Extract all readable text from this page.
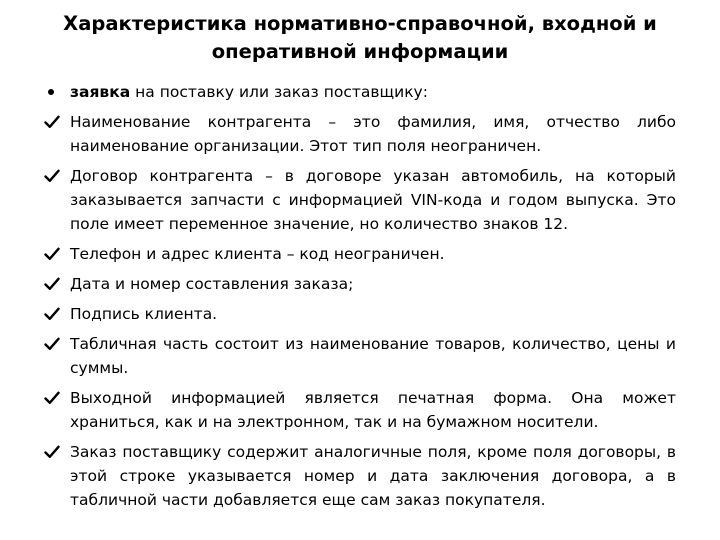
Характеристика нормативно-справочной, входной и оперативной информации
заявка на поставку или заказ поставщику:
Наименование контрагента – это фамилия, имя, отчество либо наименование организации. Этот тип поля неограничен.
Договор контрагента – в договоре указан автомобиль, на который заказывается запчасти с информацией VIN-кода и годом выпуска. Это поле имеет переменное значение, но количество знаков 12.
Телефон и адрес клиента – код неограничен.
Дата и номер составления заказа;
Подпись клиента.
Табличная часть состоит из наименование товаров, количество, цены и суммы.
Выходной информацией является печатная форма. Она может храниться, как и на электронном, так и на бумажном носители.
Заказ поставщику содержит аналогичные поля, кроме поля договоры, в этой строке указывается номер и дата заключения договора, а в табличной части добавляется еще сам заказ покупателя.
